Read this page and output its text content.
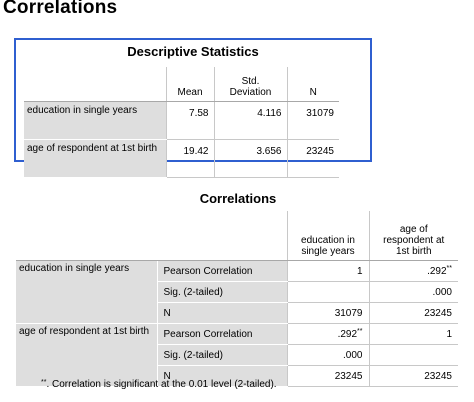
Correlations
Descriptive Statistics
	Mean	Std. Deviation	N
education in single years	7.58	4.116	31079
age of respondent at 1st birth	19.42	3.656	23245
Correlations
		education in single years	age of respondent at 1st birth
education in single years	Pearson Correlation	1	.292**
	Sig. (2-tailed)		.000
	N	31079	23245
age of respondent at 1st birth	Pearson Correlation	.292**	1
	Sig. (2-tailed)	.000	
	N	23245	23245
**. Correlation is significant at the 0.01 level (2-tailed).
